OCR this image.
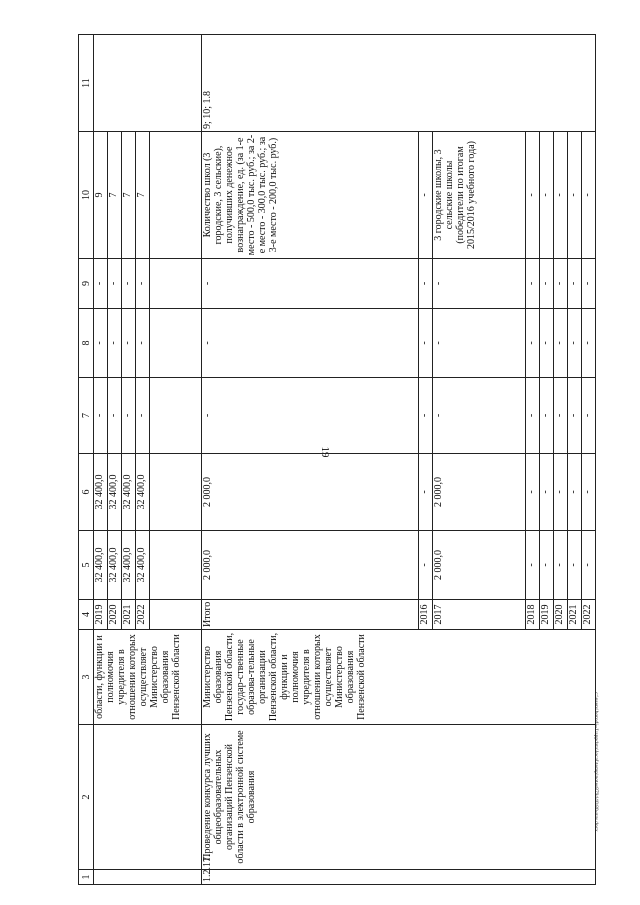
19
c:\users\borodi~1\appdata\local\temp\notes879440\80-ши.docx
1	2	3	4	5	6	7	8	9	10	11
		области, функции и полномочия учредителя в отношении которых осуществляет Министерство образования Пензенской области	2019	32 400,0	32 400,0	-	-	-	9	
			2020	32 400,0	32 400,0	-	-	-	7	
			2021	32 400,0	32 400,0	-	-	-	7	
			2022	32 400,0	32 400,0	-	-	-	7	

1.2.17.	Проведение конкурса лучших общеобразовательных организаций Пензенской области в электронной системе образования	Министерство образования Пензенской области, государ-ственные образова-тельные организации Пензенской области, функции и полномочия учредителя в отношении которых осуществляет Министерство образования Пензенской области	Итого	2 000,0	2 000,0	-	-	-	Количество школ (3 городские, 3 сельские), получивших денежное вознаграждение, ед. (за 1-е место - 500,0 тыс. руб.; за 2-е место - 300,0 тыс. руб.; за 3-е место - 200,0 тыс. руб.)	9; 10; 1.8
			2016	-	-	-	-	-	-	
			2017	2 000,0	2 000,0	-	-	-	3 городские школы, 3 сельские школы (победители по итогам 2015/2016 учебного года)	
			2018	-	-	-	-	-	-	
			2019	-	-	-	-	-	-	
			2020	-	-	-	-	-	-	
			2021	-	-	-	-	-	-	
			2022	-	-	-	-	-	-	
